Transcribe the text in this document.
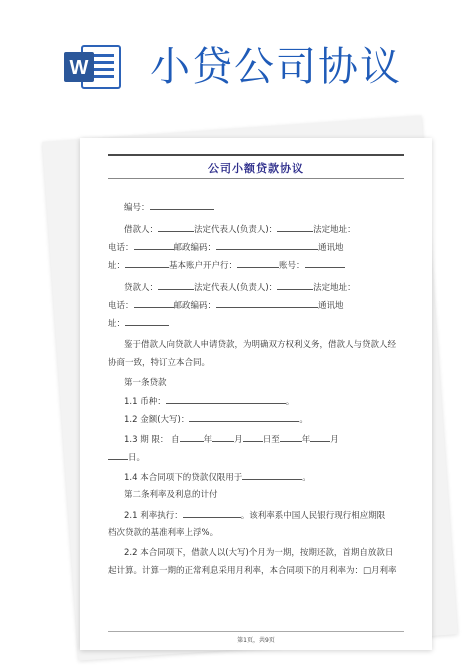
W 小贷公司协议
公司小额贷款协议
编号：
借款人：	法定代表人(负责人)：	法定地址：
电话：	邮政编码：	通讯地
址：	基本账户开户行：	账号：
贷款人：	法定代表人(负责人)：	法定地址：
电话：	邮政编码：	通讯地
址：
鉴于借款人向贷款人申请贷款，为明确双方权利义务，借款人与贷款人经
协商一致，特订立本合同。
第一条贷款
1.1 币种：	。
1.2 金额(大写)：	。
1.3 期 限： 自	年	月 日至	年 月
日。
1.4 本合同项下的贷款仅限用于	。
第二条利率及利息的计付
2.1 利率执行：	。该利率系中国人民银行现行相应期限
档次贷款的基准利率上浮%。
2.2 本合同项下，借款人以(大写)个月为一期，按期还款，首期自放款日
起计算。计算一期的正常利息采用月利率，本合同项下的月利率为：□月利率
第1页，共9页
